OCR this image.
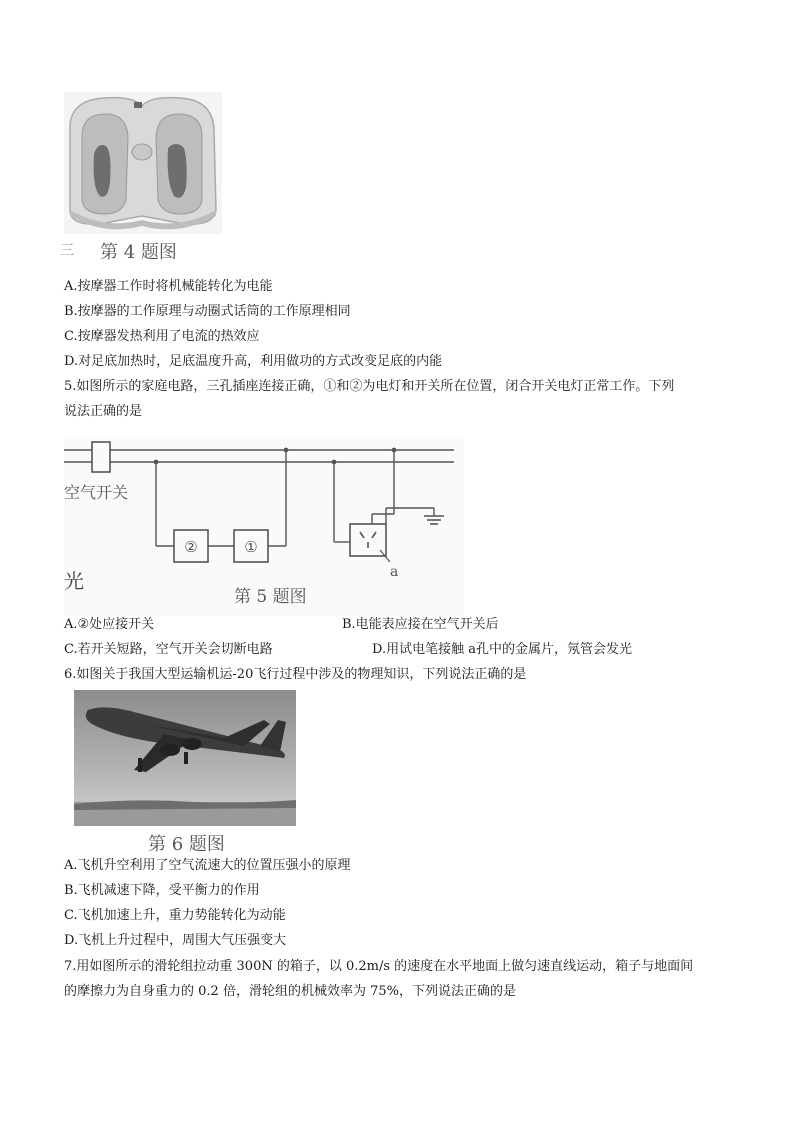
三 第 4 题图
A.按摩器工作时将机械能转化为电能
B.按摩器的工作原理与动圈式话筒的工作原理相同
C.按摩器发热利用了电流的热效应
D.对足底加热时，足底温度升高，利用做功的方式改变足底的内能
5.如图所示的家庭电路，三孔插座连接正确，①和②为电灯和开关所在位置，闭合开关电灯正常工作。下列
说法正确的是
空气开关
②	①
a
光
第 5 题图
A.②处应接开关	B.电能表应接在空气开关后
C.若开关短路，空气开关会切断电路	D.用试电笔接触 a孔中的金属片，氖管会发光
6.如图关于我国大型运输机运-20飞行过程中涉及的物理知识，下列说法正确的是
第 6 题图
A.飞机升空利用了空气流速大的位置压强小的原理
B.飞机减速下降，受平衡力的作用
C.飞机加速上升，重力势能转化为动能
D.飞机上升过程中，周围大气压强变大
7.用如图所示的滑轮组拉动重 300N 的箱子，以 0.2m/s 的速度在水平地面上做匀速直线运动，箱子与地面间
的摩擦力为自身重力的 0.2 倍，滑轮组的机械效率为 75%，下列说法正确的是
